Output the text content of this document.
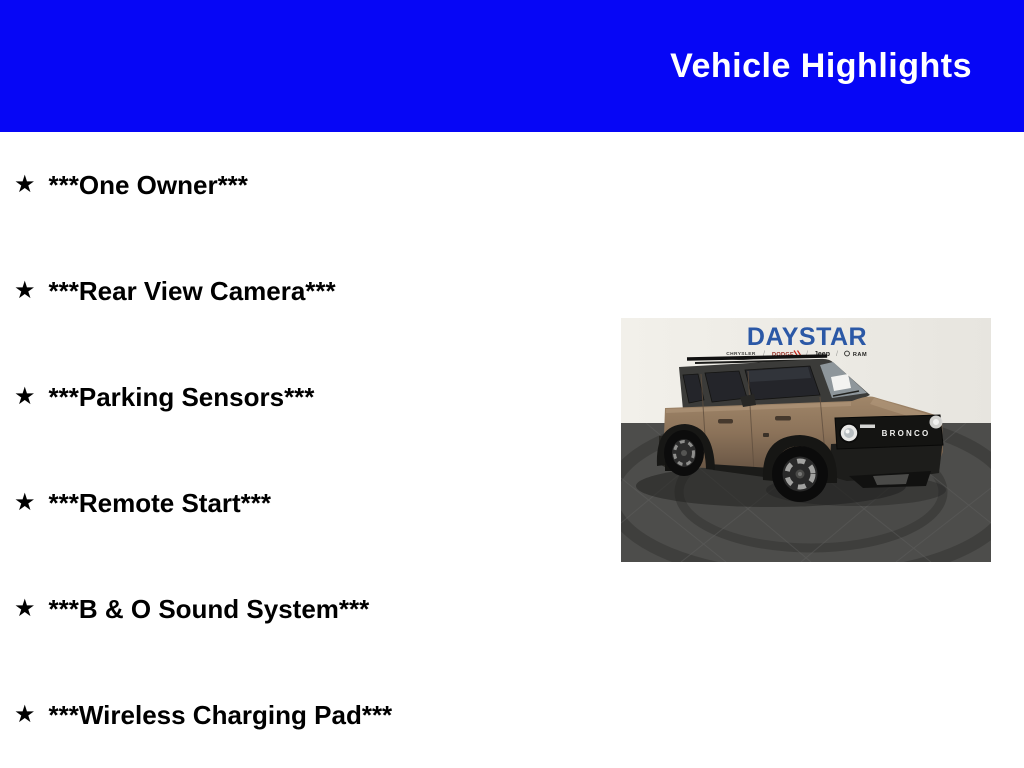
Vehicle Highlights
★ ***One Owner***
★ ***Rear View Camera***
★ ***Parking Sensors***
★ ***Remote Start***
★ ***B & O Sound System***
★ ***Wireless Charging Pad***
DAYSTAR
CHRYSLER / DODGE / Jeep /	RAM
BRONCO
